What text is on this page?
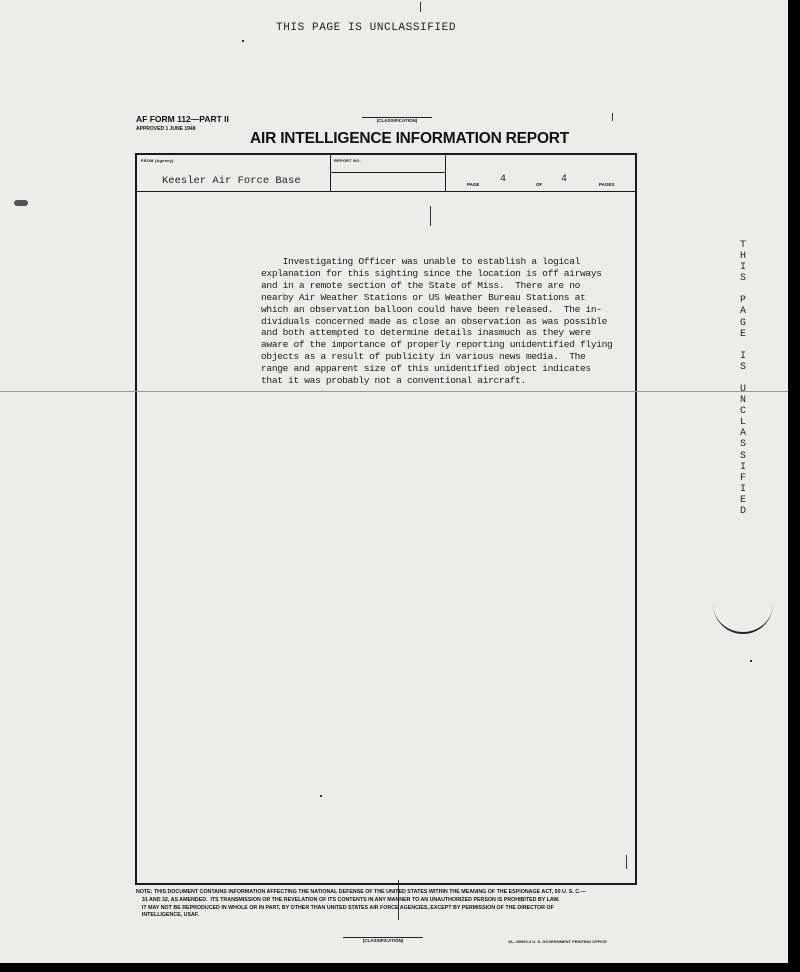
THIS PAGE IS UNCLASSIFIED
AF FORM 112—PART II
APPROVED 1 JUNE 1948
(CLASSIFICATION)
AIR INTELLIGENCE INFORMATION REPORT
FROM (Agency)
Keesler Air Force Base
REPORT NO.
PAGE 4	OF 4	PAGES
Investigating Officer was unable to establish a logical
explanation for this sighting since the location is off airways
and in a remote section of the State of Miss.  There are no
nearby Air Weather Stations or US Weather Bureau Stations at
which an observation balloon could have been released.  The in-
dividuals concerned made as close an observation as was possible
and both attempted to determine details inasmuch as they were
aware of the importance of properly reporting unidentified flying
objects as a result of publicity in various news media.  The
range and apparent size of this unidentified object indicates
that it was probably not a conventional aircraft.
T
H
I
S
P
A
G
E
I
S
U
N
C
L
A
S
S
I
F
I
E
D
NOTE: THIS DOCUMENT CONTAINS INFORMATION AFFECTING THE NATIONAL DEFENSE OF THE UNITED STATES WITHIN THE MEANING OF THE ESPIONAGE ACT, 50 U. S. C.—
31 AND 32, AS AMENDED.  ITS TRANSMISSION OR THE REVELATION OF ITS CONTENTS IN ANY MANNER TO AN UNAUTHORIZED PERSON IS PROHIBITED BY LAW.
IT MAY NOT BE REPRODUCED IN WHOLE OR IN PART, BY OTHER THAN UNITED STATES AIR FORCE AGENCIES, EXCEPT BY PERMISSION OF THE DIRECTOR OF
INTELLIGENCE, USAF.
(CLASSIFICATION)	16—59909-3 U. S. GOVERNMENT PRINTING OFFICE
